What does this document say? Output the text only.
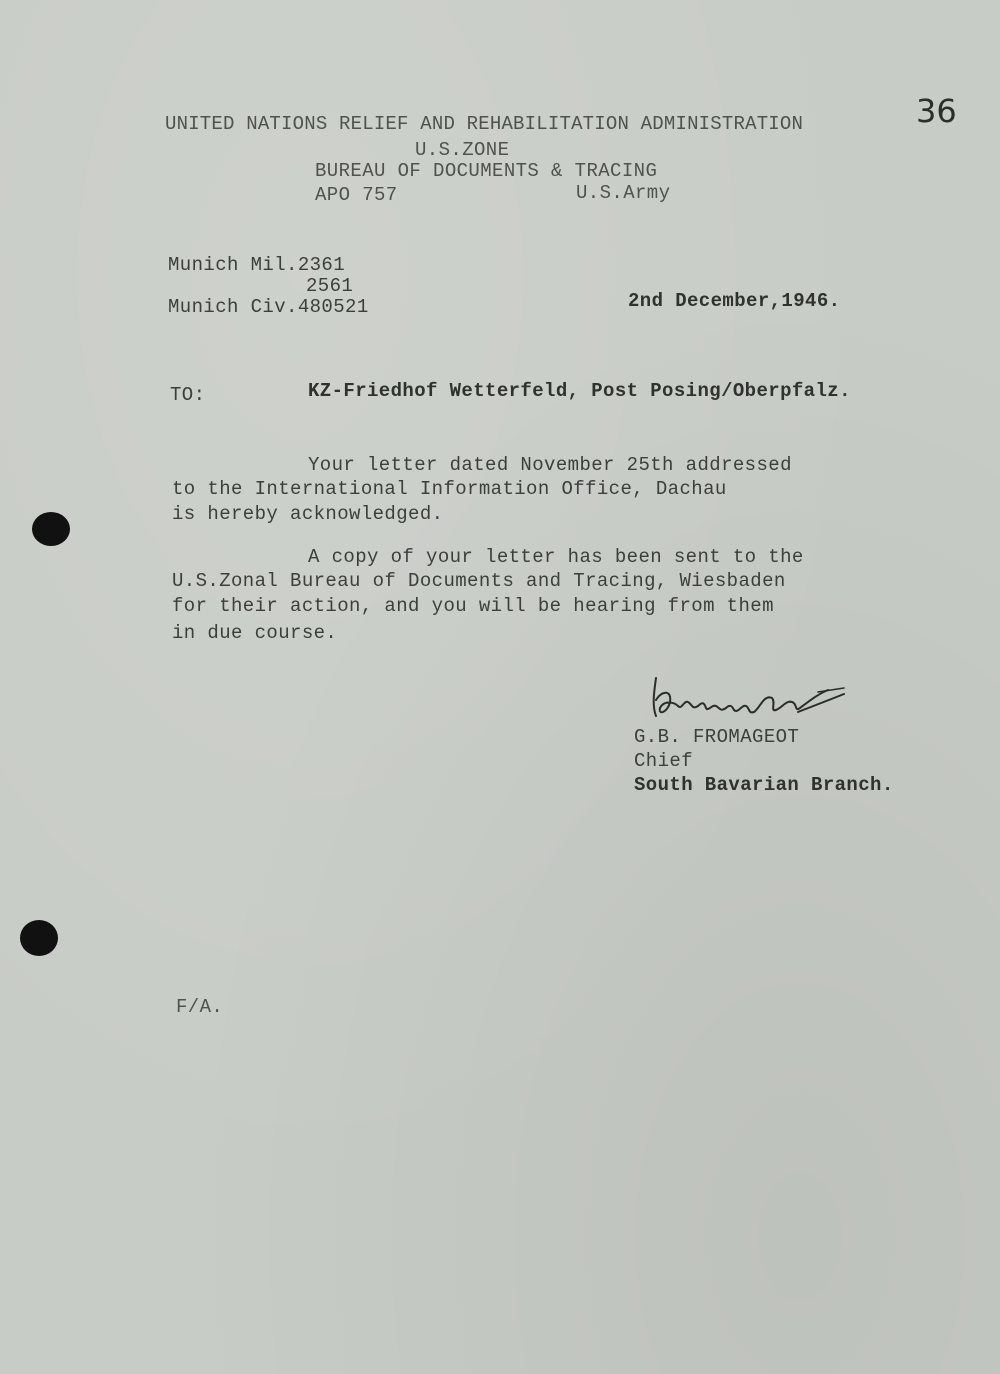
36
UNITED NATIONS RELIEF AND REHABILITATION ADMINISTRATION
U.S.ZONE
BUREAU OF DOCUMENTS & TRACING
APO 757	U.S.Army
Munich Mil.2361
2561
Munich Civ.480521	2nd December,1946.
TO:	KZ-Friedhof Wetterfeld, Post Posing/Oberpfalz.
Your letter dated November 25th addressed
to the International Information Office, Dachau
is hereby acknowledged.
A copy of your letter has been sent to the
U.S.Zonal Bureau of Documents and Tracing, Wiesbaden
for their action, and you will be hearing from them
in due course.
G.B. FROMAGEOT
Chief
South Bavarian Branch.
F/A.
